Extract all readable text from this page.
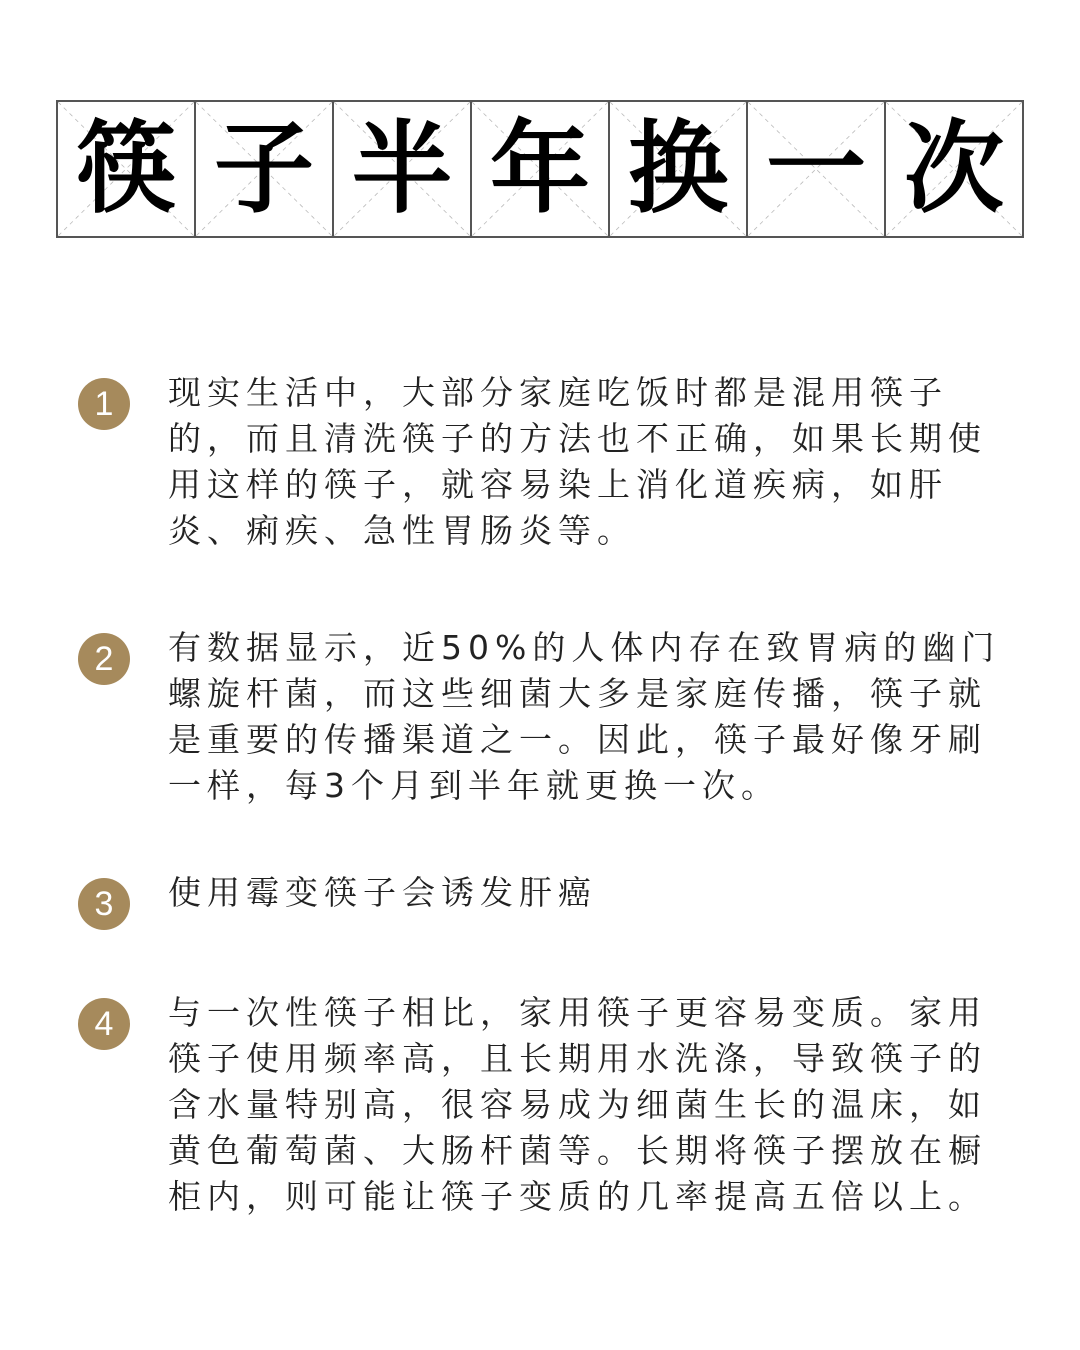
筷 子 半 年 换 一 次
1	现实生活中，大部分家庭吃饭时都是混用筷子的，而且清洗筷子的方法也不正确，如果长期使用这样的筷子，就容易染上消化道疾病，如肝炎、痢疾、急性胃肠炎等。

2	有数据显示，近50%的人体内存在致胃病的幽门螺旋杆菌，而这些细菌大多是家庭传播，筷子就是重要的传播渠道之一。因此，筷子最好像牙刷一样，每3个月到半年就更换一次。

3	使用霉变筷子会诱发肝癌

4	与一次性筷子相比，家用筷子更容易变质。家用筷子使用频率高，且长期用水洗涤，导致筷子的含水量特别高，很容易成为细菌生长的温床，如黄色葡萄菌、大肠杆菌等。长期将筷子摆放在橱柜内，则可能让筷子变质的几率提高五倍以上。
